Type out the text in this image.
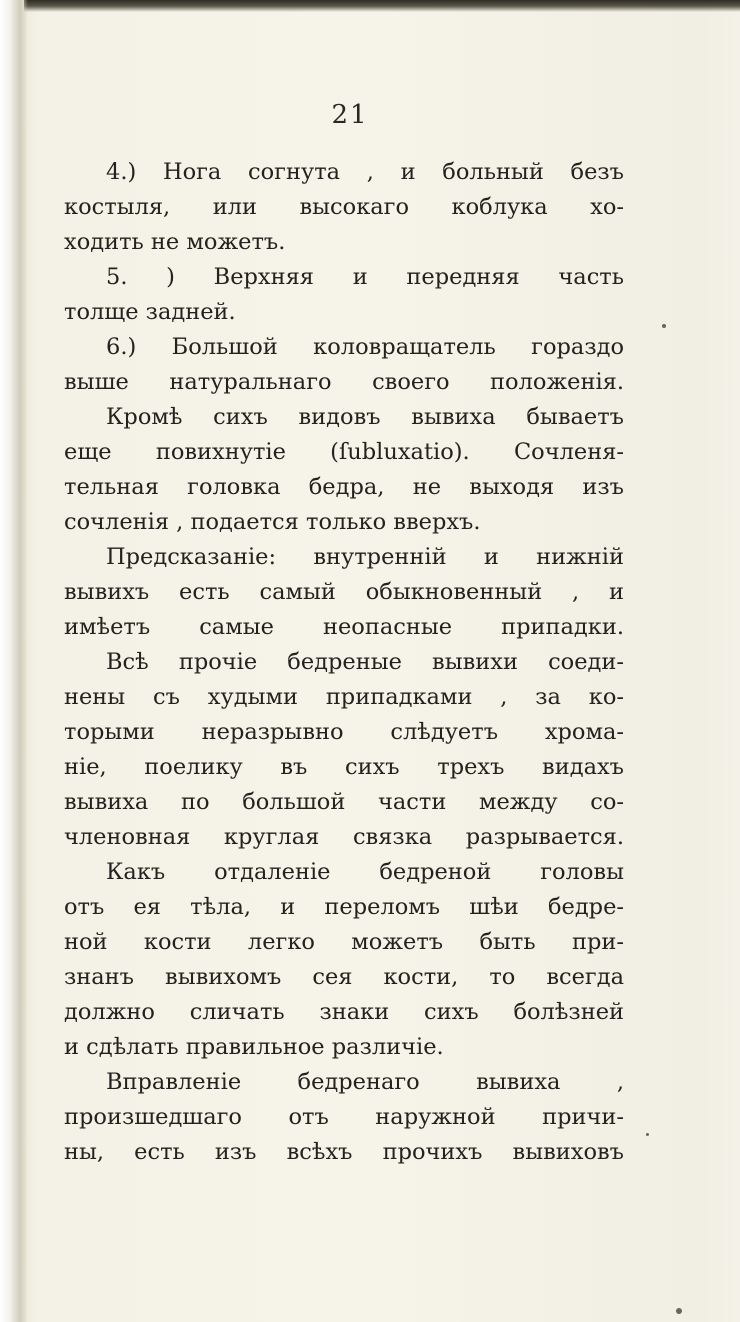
21
4.) Нога согнута , и больный безъ
костыля, или высокаго коблука хо-
ходить не можетъ.
5. ) Верхняя и передняя часть
толще задней.
6.) Большой коловращатель гораздо
выше натуральнаго своего положенія.
Кромѣ сихъ видовъ вывиха бываетъ
еще повихнутіе (ſubluxatio). Сочленя-
тельная головка бедра, не выходя изъ
сочленія , подается только вверхъ.
Предсказаніе: внутренній и нижній
вывихъ есть самый обыкновенный , и
имѣетъ самые неопасные припадки.
Всѣ прочіе бедреные вывихи соеди-
нены съ худыми припадками , за ко-
торыми неразрывно слѣдуетъ хрома-
ніе, поелику въ сихъ трехъ видахъ
вывиха по большой части между со-
членовная круглая связка разрывается.
Какъ отдаленіе бедреной головы
отъ ея тѣла, и переломъ шѣи бедре-
ной кости легко можетъ быть при-
знанъ вывихомъ сея кости, то всегда
должно сличать знаки сихъ болѣзней
и сдѣлать правильное различіе.
Вправленіе бедренаго вывиха ,
произшедшаго отъ наружной причи-
ны, есть изъ всѣхъ прочихъ вывиховъ
